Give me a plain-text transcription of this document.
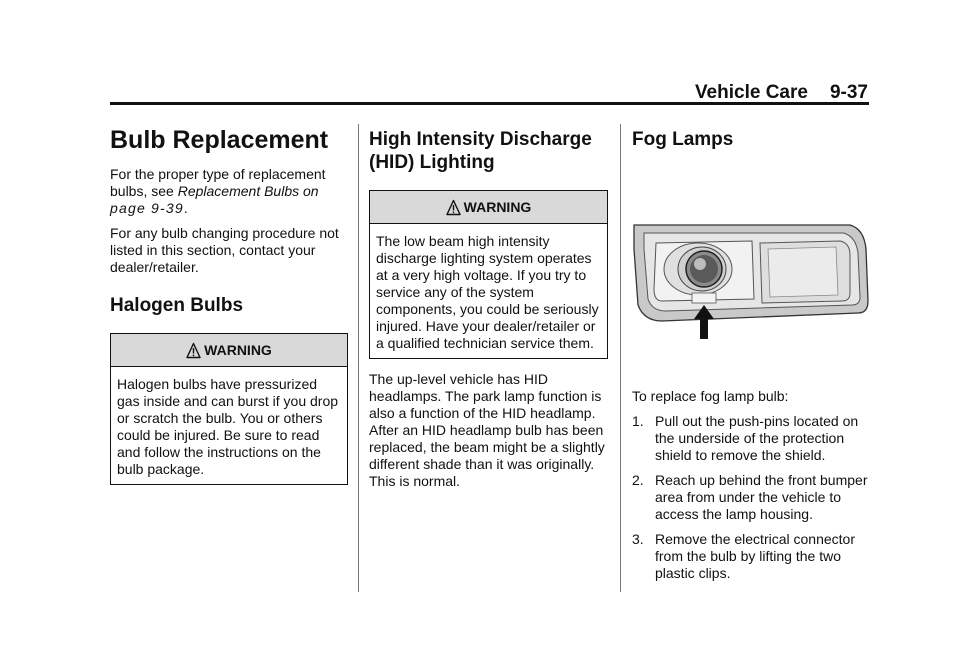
Vehicle Care 9-37
Bulb Replacement

For the proper type of replacement bulbs, see Replacement Bulbs on page 9-39.

For any bulb changing procedure not listed in this section, contact your dealer/retailer.

Halogen Bulbs
WARNING
Halogen bulbs have pressurized gas inside and can burst if you drop or scratch the bulb. You or others could be injured. Be sure to read and follow the instructions on the bulb package.
High Intensity Discharge (HID) Lighting
WARNING
The low beam high intensity discharge lighting system operates at a very high voltage. If you try to service any of the system components, you could be seriously injured. Have your dealer/retailer or a qualified technician service them.

The up-level vehicle has HID headlamps. The park lamp function is also a function of the HID headlamp. After an HID headlamp bulb has been replaced, the beam might be a slightly different shade than it was originally. This is normal.

Fog Lamps

To replace fog lamp bulb:

1. Pull out the push-pins located on the underside of the protection shield to remove the shield.
2. Reach up behind the front bumper area from under the vehicle to access the lamp housing.
3. Remove the electrical connector from the bulb by lifting the two plastic clips.
